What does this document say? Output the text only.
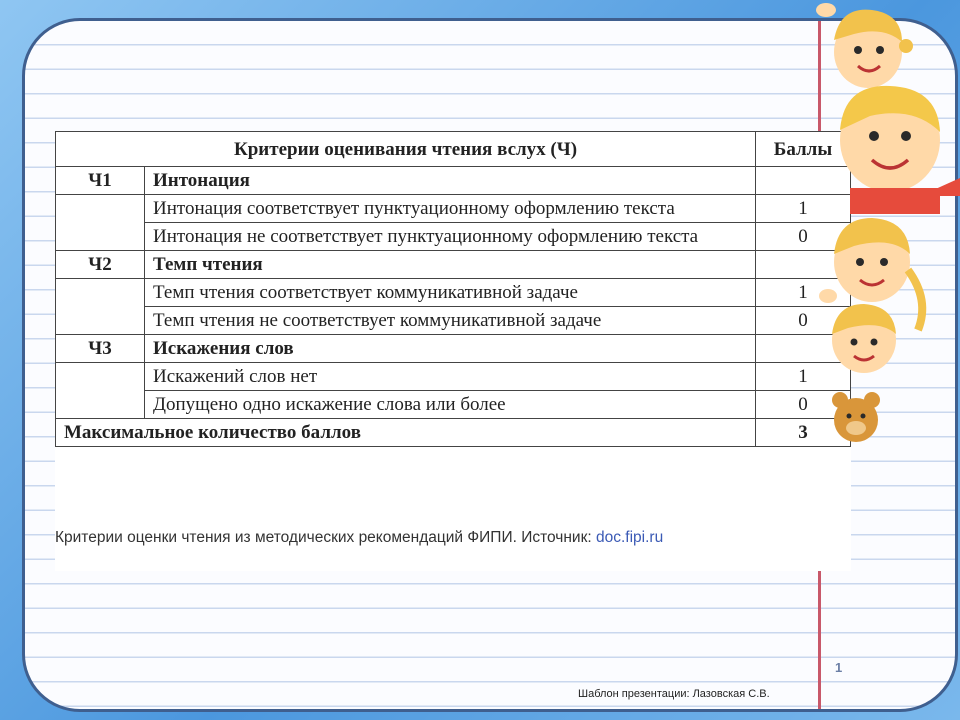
Критерии оценивания чтения вслух (Ч)		Баллы
Ч1	Интонация	
	Интонация соответствует пунктуационному оформлению текста	1
	Интонация не соответствует пунктуационному оформлению текста	0
Ч2	Темп чтения	
	Темп чтения соответствует коммуникативной задаче	1
	Темп чтения не соответствует коммуникативной задаче	0
Ч3	Искажения слов	
	Искажений слов нет	1
	Допущено одно искажение слова или более	0
Максимальное количество баллов		3
Критерии оценки чтения из методических рекомендаций ФИПИ. Источник: doc.fipi.ru
1
Шаблон презентации: Лазовская С.В.
